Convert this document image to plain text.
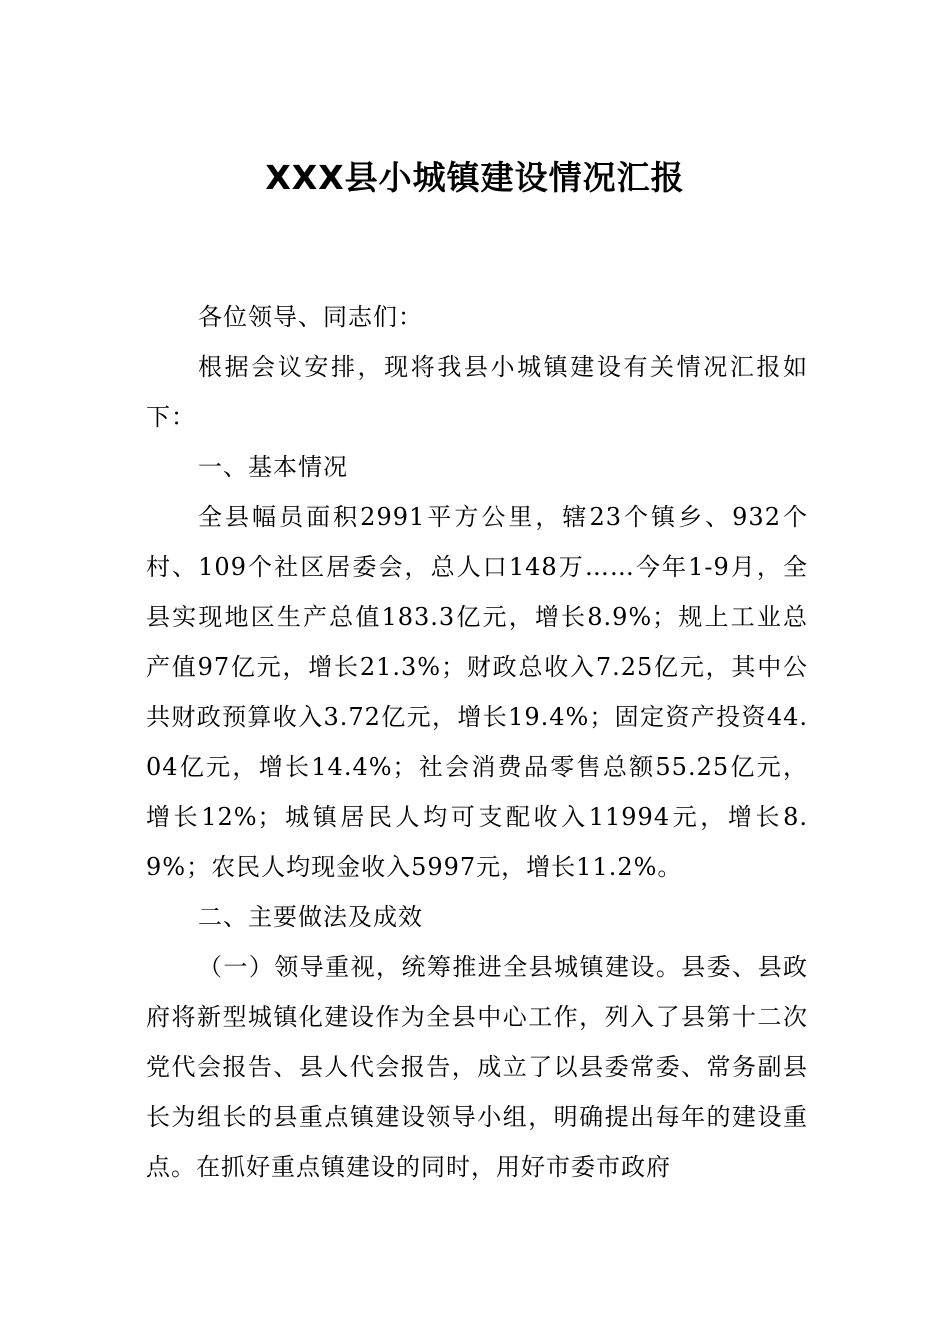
XXX县小城镇建设情况汇报

各位领导、同志们：

根据会议安排，现将我县小城镇建设有关情况汇报如下：

一、基本情况

全县幅员面积2991平方公里，辖23个镇乡、932个村、109个社区居委会，总人口148万……今年1-9月，全县实现地区生产总值183.3亿元，增长8.9%；规上工业总产值97亿元，增长21.3%；财政总收入7.25亿元，其中公共财政预算收入3.72亿元，增长19.4%；固定资产投资44.04亿元，增长14.4%；社会消费品零售总额55.25亿元，增长12%；城镇居民人均可支配收入11994元，增长8.9%；农民人均现金收入5997元，增长11.2%。

二、主要做法及成效

（一）领导重视，统筹推进全县城镇建设。县委、县政府将新型城镇化建设作为全县中心工作，列入了县第十二次党代会报告、县人代会报告，成立了以县委常委、常务副县长为组长的县重点镇建设领导小组，明确提出每年的建设重点。在抓好重点镇建设的同时，用好市委市政府
